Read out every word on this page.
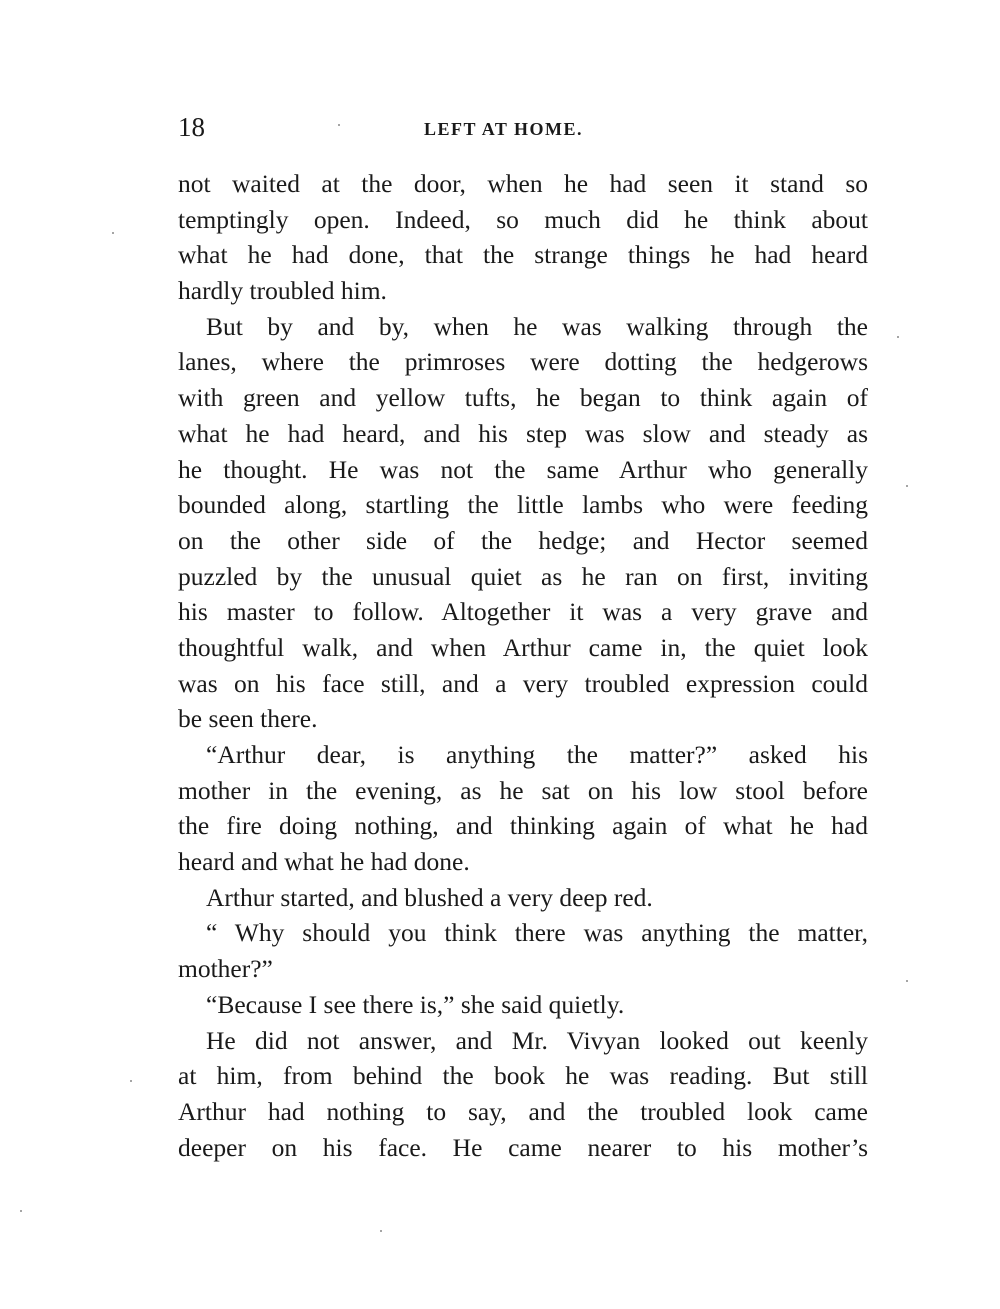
18	LEFT AT HOME.
not waited at the door, when he had seen it stand so
temptingly open. Indeed, so much did he think about
what he had done, that the strange things he had heard
hardly troubled him.
But by and by, when he was walking through the
lanes, where the primroses were dotting the hedgerows
with green and yellow tufts, he began to think again of
what he had heard, and his step was slow and steady as
he thought. He was not the same Arthur who generally
bounded along, startling the little lambs who were feeding
on the other side of the hedge; and Hector seemed
puzzled by the unusual quiet as he ran on first, inviting
his master to follow. Altogether it was a very grave and
thoughtful walk, and when Arthur came in, the quiet look
was on his face still, and a very troubled expression could
be seen there.
“Arthur dear, is anything the matter?” asked his
mother in the evening, as he sat on his low stool before
the fire doing nothing, and thinking again of what he had
heard and what he had done.
Arthur started, and blushed a very deep red.
“ Why should you think there was anything the matter,
mother?”
“Because I see there is,” she said quietly.
He did not answer, and Mr. Vivyan looked out keenly
at him, from behind the book he was reading. But still
Arthur had nothing to say, and the troubled look came
deeper on his face. He came nearer to his mother’s
